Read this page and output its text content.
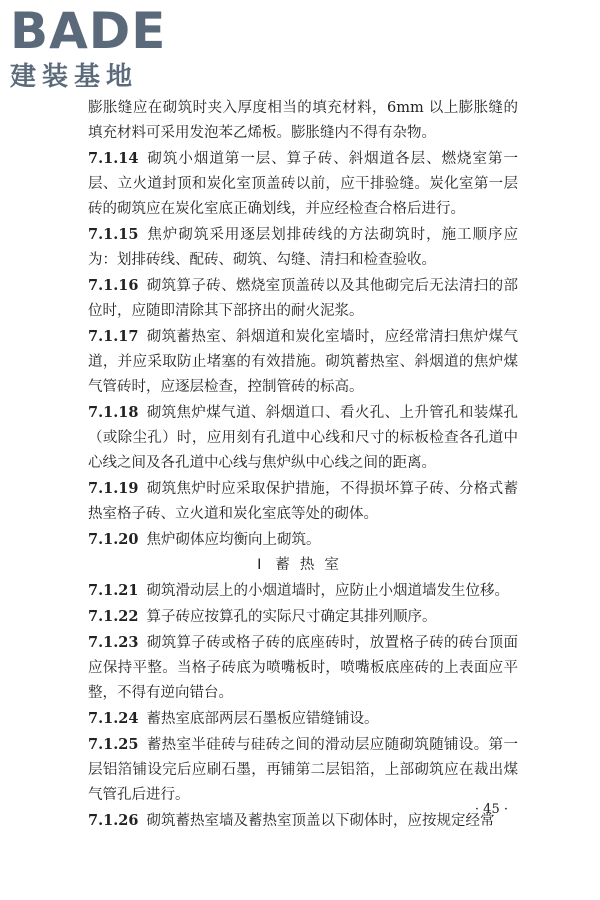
BADE
建装基地

膨胀缝应在砌筑时夹入厚度相当的填充材料，6mm 以上膨胀缝的填充材料可采用发泡苯乙烯板。膨胀缝内不得有杂物。

7.1.14 砌筑小烟道第一层、算子砖、斜烟道各层、燃烧室第一层、立火道封顶和炭化室顶盖砖以前，应干排验缝。炭化室第一层砖的砌筑应在炭化室底正确划线，并应经检查合格后进行。

7.1.15 焦炉砌筑采用逐层划排砖线的方法砌筑时，施工顺序应为：划排砖线、配砖、砌筑、勾缝、清扫和检查验收。

7.1.16 砌筑算子砖、燃烧室顶盖砖以及其他砌完后无法清扫的部位时，应随即清除其下部挤出的耐火泥浆。

7.1.17 砌筑蓄热室、斜烟道和炭化室墙时，应经常清扫焦炉煤气道，并应采取防止堵塞的有效措施。砌筑蓄热室、斜烟道的焦炉煤气管砖时，应逐层检查，控制管砖的标高。

7.1.18 砌筑焦炉煤气道、斜烟道口、看火孔、上升管孔和装煤孔（或除尘孔）时，应用刻有孔道中心线和尺寸的标板检查各孔道中心线之间及各孔道中心线与焦炉纵中心线之间的距离。

7.1.19 砌筑焦炉时应采取保护措施，不得损坏算子砖、分格式蓄热室格子砖、立火道和炭化室底等处的砌体。

7.1.20 焦炉砌体应均衡向上砌筑。

Ⅰ 蓄热室

7.1.21 砌筑滑动层上的小烟道墙时，应防止小烟道墙发生位移。

7.1.22 算子砖应按算孔的实际尺寸确定其排列顺序。

7.1.23 砌筑算子砖或格子砖的底座砖时，放置格子砖的砖台顶面应保持平整。当格子砖底为喷嘴板时，喷嘴板底座砖的上表面应平整，不得有逆向错台。

7.1.24 蓄热室底部两层石墨板应错缝铺设。

7.1.25 蓄热室半硅砖与硅砖之间的滑动层应随砌筑随铺设。第一层铝箔铺设完后应刷石墨，再铺第二层铝箔，上部砌筑应在裁出煤气管孔后进行。

7.1.26 砌筑蓄热室墙及蓄热室顶盖以下砌体时，应按规定经常

· 45 ·
